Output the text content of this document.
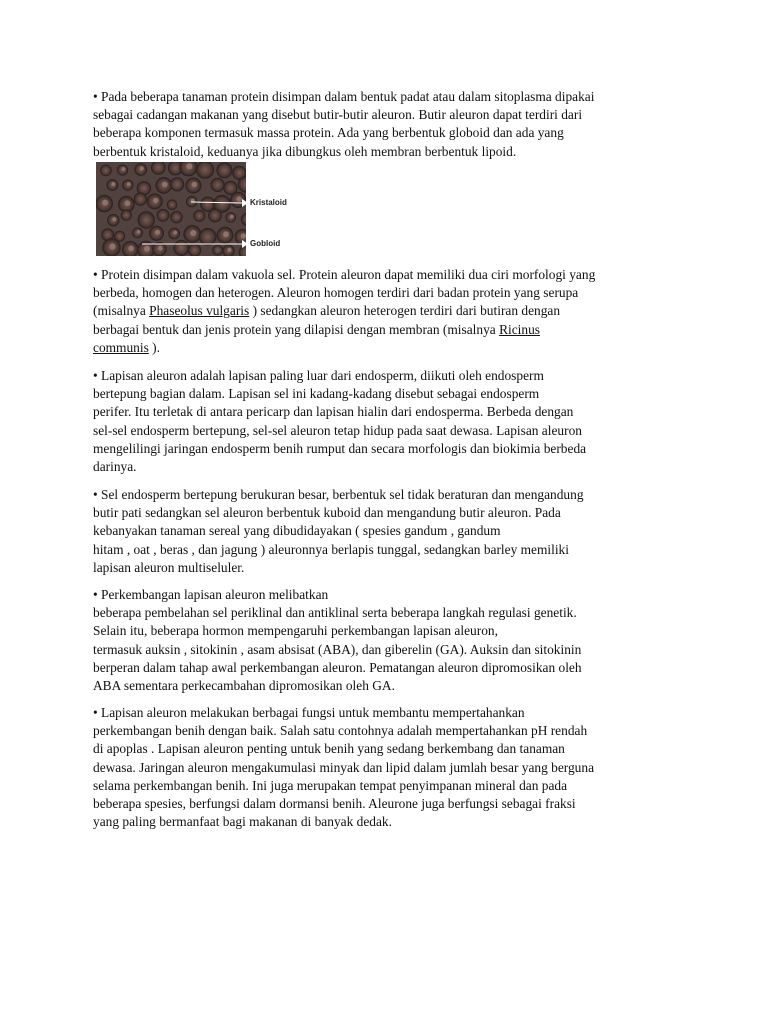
• Pada beberapa tanaman protein disimpan dalam bentuk padat atau dalam sitoplasma dipakai
sebagai cadangan makanan yang disebut butir-butir aleuron. Butir aleuron dapat terdiri dari
beberapa komponen termasuk massa protein. Ada yang berbentuk globoid dan ada yang
berbentuk kristaloid, keduanya jika dibungkus oleh membran berbentuk lipoid.
Kristaloid
Gobloid
• Protein disimpan dalam vakuola sel. Protein aleuron dapat memiliki dua ciri morfologi yang
berbeda, homogen dan heterogen. Aleuron homogen terdiri dari badan protein yang serupa
(misalnya Phaseolus vulgaris ) sedangkan aleuron heterogen terdiri dari butiran dengan
berbagai bentuk dan jenis protein yang dilapisi dengan membran (misalnya Ricinus
communis ).
• Lapisan aleuron adalah lapisan paling luar dari endosperm, diikuti oleh endosperm
bertepung bagian dalam. Lapisan sel ini kadang-kadang disebut sebagai endosperm
perifer. Itu terletak di antara pericarp dan lapisan hialin dari endosperma. Berbeda dengan
sel-sel endosperm bertepung, sel-sel aleuron tetap hidup pada saat dewasa. Lapisan aleuron
mengelilingi jaringan endosperm benih rumput dan secara morfologis dan biokimia berbeda
darinya.
• Sel endosperm bertepung berukuran besar, berbentuk sel tidak beraturan dan mengandung
butir pati sedangkan sel aleuron berbentuk kuboid dan mengandung butir aleuron. Pada
kebanyakan tanaman sereal yang dibudidayakan ( spesies gandum , gandum
hitam , oat , beras , dan jagung ) aleuronnya berlapis tunggal, sedangkan barley memiliki
lapisan aleuron multiseluler.
• Perkembangan lapisan aleuron melibatkan
beberapa pembelahan sel periklinal dan antiklinal serta beberapa langkah regulasi genetik.
Selain itu, beberapa hormon mempengaruhi perkembangan lapisan aleuron,
termasuk auksin , sitokinin , asam absisat (ABA), dan giberelin (GA). Auksin dan sitokinin
berperan dalam tahap awal perkembangan aleuron. Pematangan aleuron dipromosikan oleh
ABA sementara perkecambahan dipromosikan oleh GA.
• Lapisan aleuron melakukan berbagai fungsi untuk membantu mempertahankan
perkembangan benih dengan baik. Salah satu contohnya adalah mempertahankan pH rendah
di apoplas . Lapisan aleuron penting untuk benih yang sedang berkembang dan tanaman
dewasa. Jaringan aleuron mengakumulasi minyak dan lipid dalam jumlah besar yang berguna
selama perkembangan benih. Ini juga merupakan tempat penyimpanan mineral dan pada
beberapa spesies, berfungsi dalam dormansi benih. Aleurone juga berfungsi sebagai fraksi
yang paling bermanfaat bagi makanan di banyak dedak.
